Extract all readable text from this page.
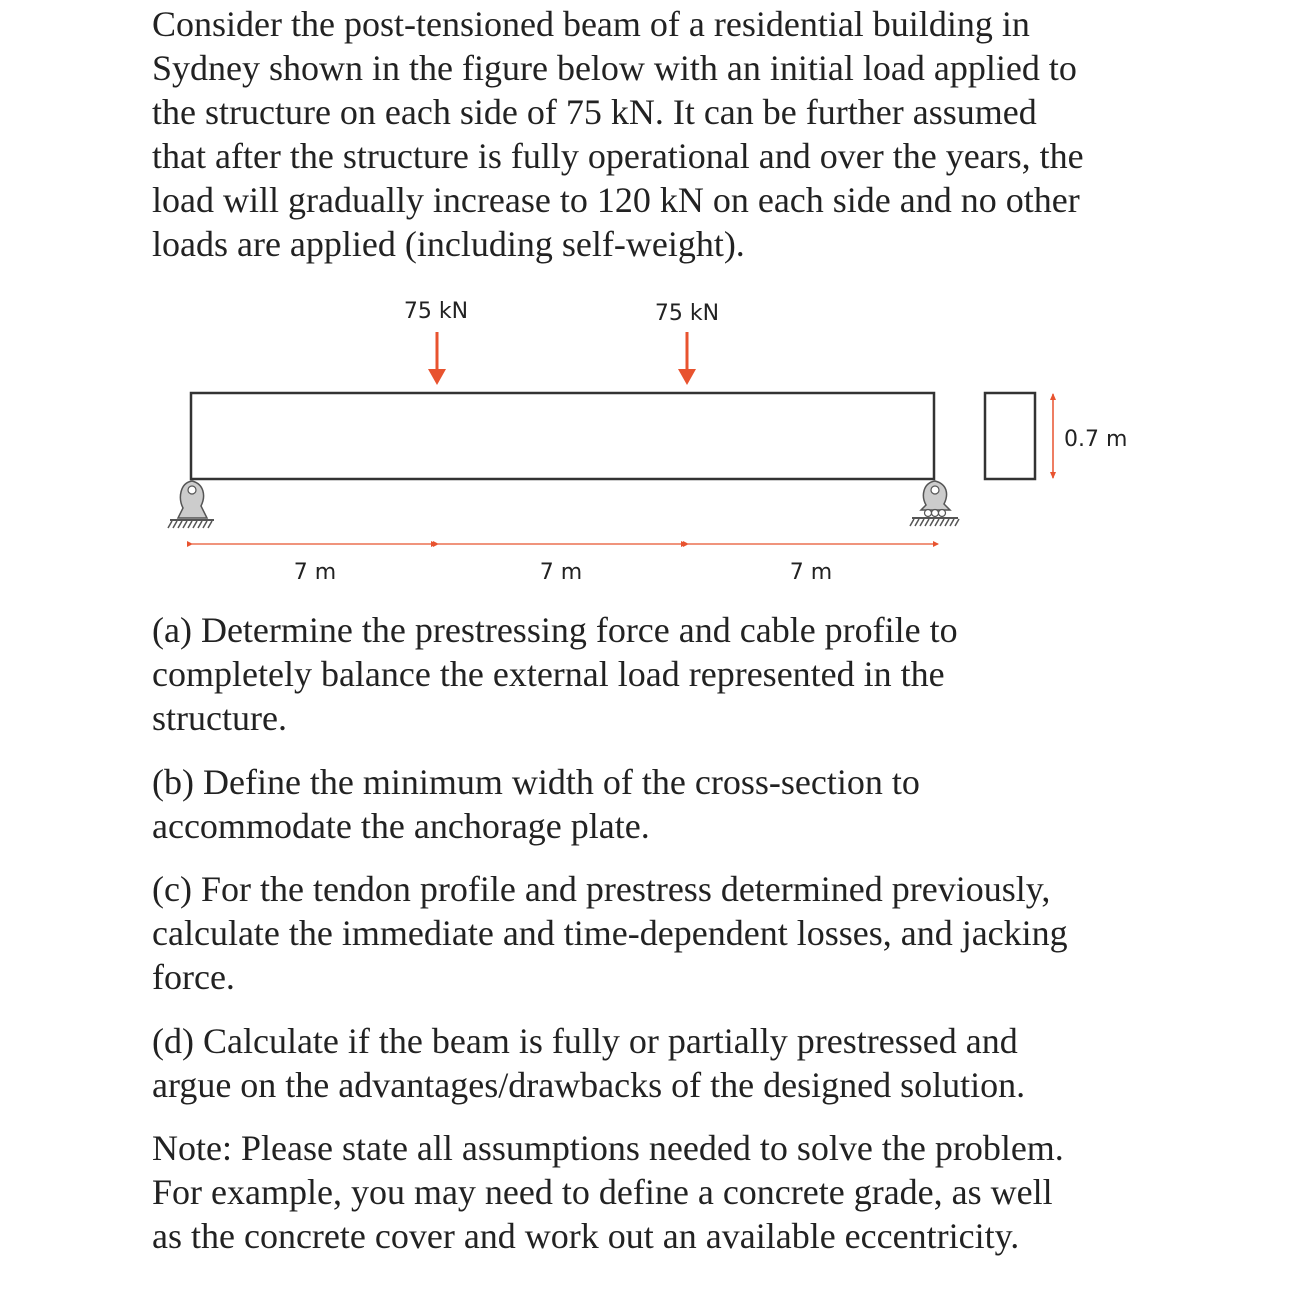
Consider the post-tensioned beam of a residential building in
Sydney shown in the figure below with an initial load applied to
the structure on each side of 75 kN. It can be further assumed
that after the structure is fully operational and over the years, the
load will gradually increase to 120 kN on each side and no other
loads are applied (including self-weight).
75 kN	75 kN
0.7 m
7 m	7 m	7 m
(a) Determine the prestressing force and cable profile to
completely balance the external load represented in the
structure.
(b) Define the minimum width of the cross-section to
accommodate the anchorage plate.
(c) For the tendon profile and prestress determined previously,
calculate the immediate and time-dependent losses, and jacking
force.
(d) Calculate if the beam is fully or partially prestressed and
argue on the advantages/drawbacks of the designed solution.
Note: Please state all assumptions needed to solve the problem.
For example, you may need to define a concrete grade, as well
as the concrete cover and work out an available eccentricity.
